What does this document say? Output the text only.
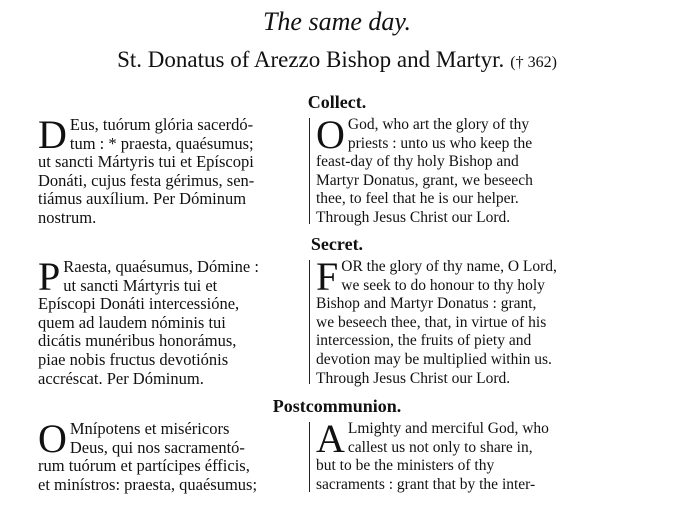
The same day.
St. Donatus of Arezzo Bishop and Martyr. († 362)
Collect.
D Eus, tuórum glória sacerdó-
tum : * praesta, quaésumus;
ut sancti Mártyris tui et Epíscopi
Donáti, cujus festa gérimus, sen-
tiámus auxílium. Per Dóminum
nostrum.
O God, who art the glory of thy
priests : unto us who keep the
feast-day of thy holy Bishop and
Martyr Donatus, grant, we beseech
thee, to feel that he is our helper.
Through Jesus Christ our Lord.
Secret.
P Raesta, quaésumus, Dómine :
ut sancti Mártyris tui et
Epíscopi Donáti intercessióne,
quem ad laudem nóminis tui
dicátis munéribus honorámus,
piae nobis fructus devotiónis
accréscat. Per Dóminum.
F OR the glory of thy name, O Lord,
we seek to do honour to thy holy
Bishop and Martyr Donatus : grant,
we beseech thee, that, in virtue of his
intercession, the fruits of piety and
devotion may be multiplied within us.
Through Jesus Christ our Lord.
Postcommunion.
O Mnípotens et miséricors
Deus, qui nos sacramentó-
rum tuórum et partícipes éfficis,
et minístros: praesta, quaésumus;
A Lmighty and merciful God, who
callest us not only to share in,
but to be the ministers of thy
sacraments : grant that by the inter-
